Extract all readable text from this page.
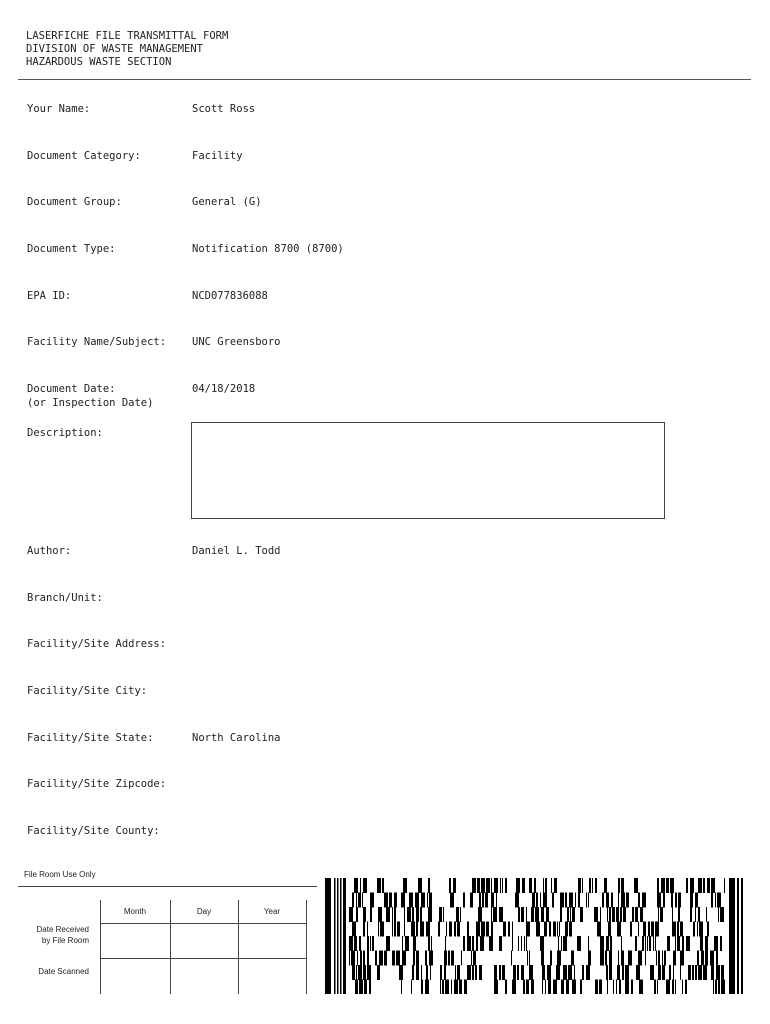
LASERFICHE FILE TRANSMITTAL FORM
DIVISION OF WASTE MANAGEMENT
HAZARDOUS WASTE SECTION
Your Name:	Scott Ross
Document Category:	Facility
Document Group:	General (G)
Document Type:	Notification 8700 (8700)
EPA ID:	NCD077836088
Facility Name/Subject: UNC Greensboro
Document Date:
(or Inspection Date)
04/18/2018
Description:
Author:	Daniel L. Todd
Branch/Unit:
Facility/Site Address:
Facility/Site City:
Facility/Site State:	North Carolina
Facility/Site Zipcode:
Facility/Site County:
File Room Use Only
Month	Day	Year
Date Received
by File Room
Date Scanned
